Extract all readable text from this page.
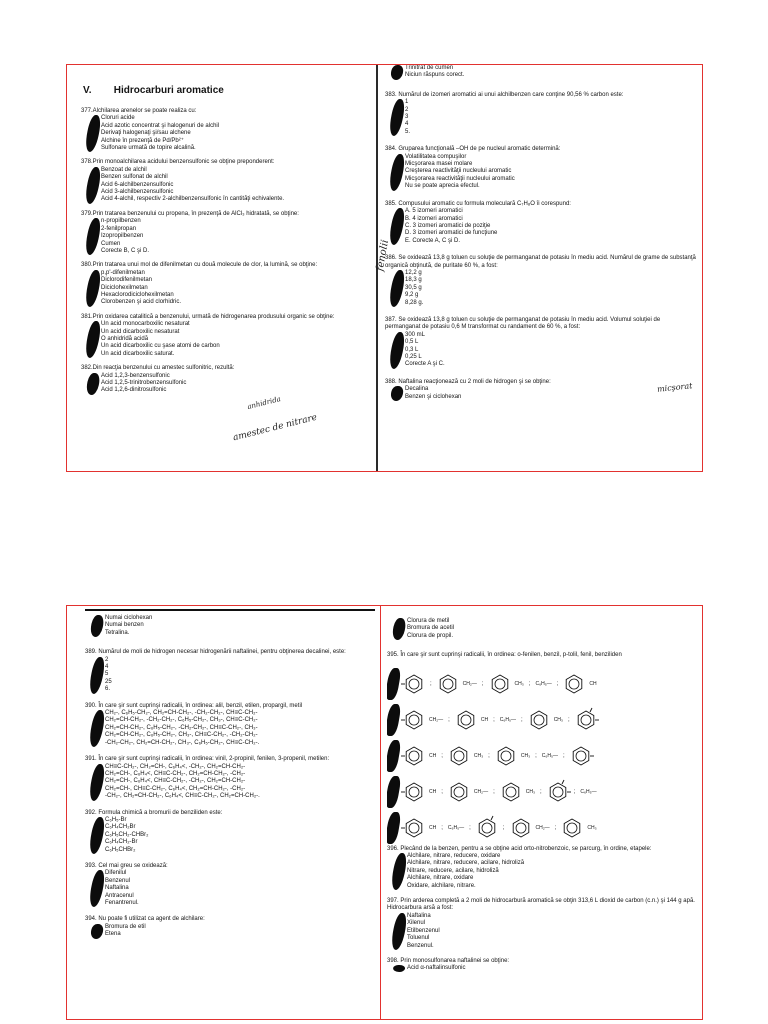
V. Hidrocarburi aromatice
377.Alchilarea arenelor se poate realiza cu:
Cloruri acide
Acid azotic concentrat şi halogenuri de alchil
Derivaţi halogenaţi şi/sau alchene
Alchine în prezenţă de Pd/Pb²⁺
Sulfonare urmată de topire alcalină.
378.Prin monoalchilarea acidului benzensulfonic se obţine preponderent:
Benzoat de alchil
Benzen sulfonat de alchil
Acid 6-alchilbenzensulfonic
Acid 3-alchilbenzensulfonic
Acid 4-alchil, respectiv 2-alchilbenzensulfonic în cantităţi echivalente.
379.Prin tratarea benzenului cu propena, în prezenţă de AlCl₃ hidratată, se obţine:
n-propilbenzen
2-fenilpropan
Izopropilbenzen
Cumen
Corecte B, C şi D.
380.Prin tratarea unui mol de difenilmetan cu două molecule de clor, la lumină, se obţine:
p,p'-difenilmetan
Diclorodifenilmetan
Diciclohexilmetan
Hexaclorodiciclohexilmetan
Clorobenzen şi acid clorhidric.
381.Prin oxidarea catalitică a benzenului, urmată de hidrogenarea produsului organic se obţine:
Un acid monocarboxilic nesaturat
Un acid dicarboxilic nesaturat
O anhidridă acidă
Un acid dicarboxilic cu şase atomi de carbon
Un acid dicarboxilic saturat.
382.Din reacţia benzenului cu amestec sulfonitric, rezultă:
Acid 1,2,3-benzensulfonic
Acid 1,2,5-trinitrobenzensulfonic
Acid 1,2,6-dinitrosulfonic
Trinitrat de cumen
Niciun răspuns corect.
383. Numărul de izomeri aromatici ai unui alchilbenzen care conţine 90,56 % carbon este:
1
2
3
4
5.
384. Gruparea funcţională –OH de pe nucleul aromatic determină:
Volatilitatea compuşilor
Micşorarea masei molare
Creşterea reactivităţii nucleului aromatic
Micşorarea reactivităţii nucleului aromatic
Nu se poate aprecia efectul.
385. Compusului aromatic cu formula moleculară C₇H₈O îi corespund:
A. 5 izomeri aromatici
B. 4 izomeri aromatici
C. 3 izomeri aromatici de poziţie
D. 3 izomeri aromatici de funcţiune
E. Corecte A, C şi D.
386. Se oxidează 13,8 g toluen cu soluţie de permanganat de potasiu în mediu acid. Numărul de grame de substanţă organică obţinută, de puritate 60 %, a fost:
12,2 g
18,3 g
30,5 g
9,2 g
8,28 g.
387. Se oxidează 13,8 g toluen cu soluţie de permanganat de potasiu în mediu acid. Volumul soluţiei de permanganat de potasiu 0,6 M transformat cu randament de 60 %, a fost:
300 mL
0,5 L
0,3 L
0,25 L
Corecte A şi C.
388. Naftalina reacţionează cu 2 moli de hidrogen şi se obţine:
Decalina
Benzen şi ciclohexan
amestec de nitrare
anhidrida
fenolii
micşorat
Numai ciclohexan
Numai benzen
Tetralina.
389. Numărul de moli de hidrogen necesar hidrogenării naftalinei, pentru obţinerea decalinei, este:
2
4
5
25
6.
390. În care şir sunt cuprinşi radicalii, în ordinea: alil, benzil, etilen, propargil, metil
CH₂-, C₆H₅-CH₂-, CH₂=CH-CH₂-, -CH₂-CH₂-, CH≡C-CH₂-
CH₂=CH-CH₂-, -CH₂-CH₂-, C₆H₅-CH₂-, CH₃-, CH≡C-CH₂-
CH₂=CH-CH₂-, C₆H₅-CH₂-, -CH₂-CH₂-, CH≡C-CH₂-, CH₃-
CH₂=CH-CH₂-, C₆H₅-CH₂-, CH₃-, CH≡C-CH₂-, -CH₂-CH₂-
-CH₂-CH₂-, CH₂=CH-CH₂-, CH₃-, C₆H₅-CH₂-, CH≡C-CH₂-.
391. În care şir sunt cuprinşi radicalii, în ordinea: vinil, 2-propinil, fenilen, 3-propenil, metilen:
CH≡C-CH₂-, CH₂=CH-, C₆H₄<, -CH₂-, CH₂=CH-CH₂-
CH₂=CH-, C₆H₄<, CH≡C-CH₂-, CH₂=CH-CH₂-, -CH₂-
CH₂=CH-, C₆H₄<, CH≡C-CH₂-, -CH₂-, CH₂=CH-CH₂-
CH₂=CH-, CH≡C-CH₂-, C₆H₄<, CH₂=CH-CH₂-, -CH₂-
-CH₂-, CH₂=CH-CH₂-, C₆H₄<, CH≡C-CH₂-, CH₂=CH-CH₂-.
392. Formula chimică a bromurii de benziliden este:
C₆H₅-Br
C₆H₄CH₂Br
C₆H₅CH₂-CHBr₂
C₆H₄CH₂-Br
C₆H₅CHBr₂
393. Cel mai greu se oxidează:
Difenilul
Benzenul
Naftalina
Antracenul
Fenantrenul.
394. Nu poate fi utilizat ca agent de alchilare:
Bromura de etil
Etena
Clorura de metil
Bromura de acetil
Clorura de propil.
395. În care şir sunt cuprinşi radicalii, în ordinea: o-fenilen, benzil, p-tolil, fenil, benziliden
;	CH₂— ;	CH₃ ; C₆H₅— ;	CH
CH₂— ;	CH ; C₆H₅— ;	CH₃ ;
CH ;	CH₃ ;	CH₃ ; C₆H₅— ;
CH ;	CH₂— ;	CH₃ ;	; C₆H₅—
CH ; C₆H₅— ;	;	CH₂— ;	CH₃
396. Plecând de la benzen, pentru a se obţine acid orto-nitrobenzoic, se parcurg, în ordine, etapele:
Alchilare, nitrare, reducere, oxidare
Alchilare, nitrare, reducere, acilare, hidroliză
Nitrare, reducere, acilare, hidroliză
Alchilare, nitrare, oxidare
Oxidare, alchilare, nitrare.
397. Prin arderea completă a 2 moli de hidrocarbură aromatică se obţin 313,6 L dioxid de carbon (c.n.) şi 144 g apă. Hidrocarbura arsă a fost:
Naftalina
Xilenul
Etilbenzenul
Toluenul
Benzenul.
398. Prin monosulfonarea naftalinei se obţine:
Acid α-naftalinsulfonic
